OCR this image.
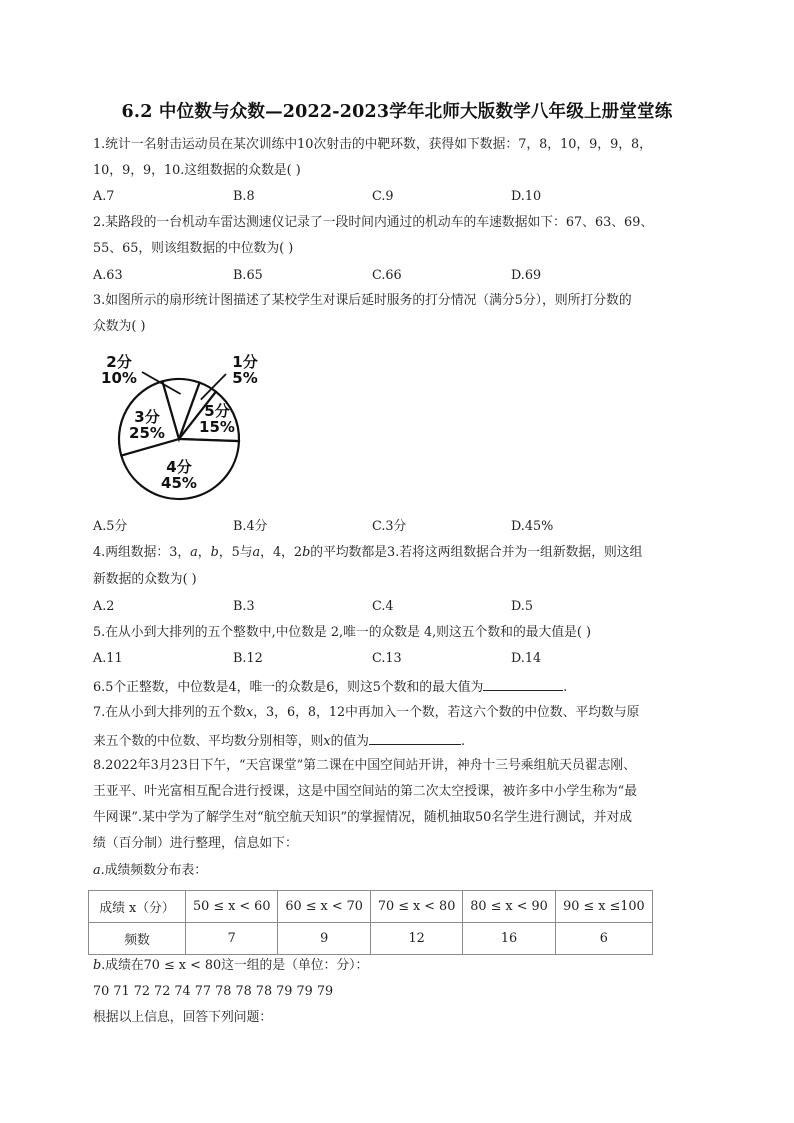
6.2 中位数与众数—2022-2023学年北师大版数学八年级上册堂堂练
1.统计一名射击运动员在某次训练中10次射击的中靶环数，获得如下数据：7，8，10，9，9，8，
10，9，9，10.这组数据的众数是( )
A.7	B.8	C.9	D.10
2.某路段的一台机动车雷达测速仪记录了一段时间内通过的机动车的车速数据如下：67、63、69、
55、65，则该组数据的中位数为( )
A.63	B.65	C.66	D.69
3.如图所示的扇形统计图描述了某校学生对课后延时服务的打分情况（满分5分），则所打分数的
众数为( )
1分
5%
5分
15%
4分
45%
3分
25%
2分
10%
A.5分	B.4分	C.3分	D.45%
4.两组数据：3，a，b，5与a，4，2b的平均数都是3.若将这两组数据合并为一组新数据，则这组
新数据的众数为( )
A.2	B.3	C.4	D.5
5.在从小到大排列的五个整数中,中位数是 2,唯一的众数是 4,则这五个数和的最大值是( )
A.11	B.12	C.13	D.14
6.5个正整数，中位数是4，唯一的众数是6，则这5个数和的最大值为	.
7.在从小到大排列的五个数x，3，6，8，12中再加入一个数，若这六个数的中位数、平均数与原
来五个数的中位数、平均数分别相等，则x的值为	.
8.2022年3月23日下午，“天宫课堂”第二课在中国空间站开讲，神舟十三号乘组航天员翟志刚、
王亚平、叶光富相互配合进行授课，这是中国空间站的第二次太空授课，被许多中小学生称为“最
牛网课”.某中学为了解学生对“航空航天知识”的掌握情况，随机抽取50名学生进行测试，并对成
绩（百分制）进行整理，信息如下：
a.成绩频数分布表：
成绩 x（分）	50 ≤ x < 60	60 ≤ x < 70	70 ≤ x < 80	80 ≤ x < 90	90 ≤ x ≤100
频数	7	9	12	16	6
b.成绩在70 ≤ x < 80这一组的是（单位：分）：
70 71 72 72 74 77 78 78 78 79 79 79
根据以上信息，回答下列问题：
